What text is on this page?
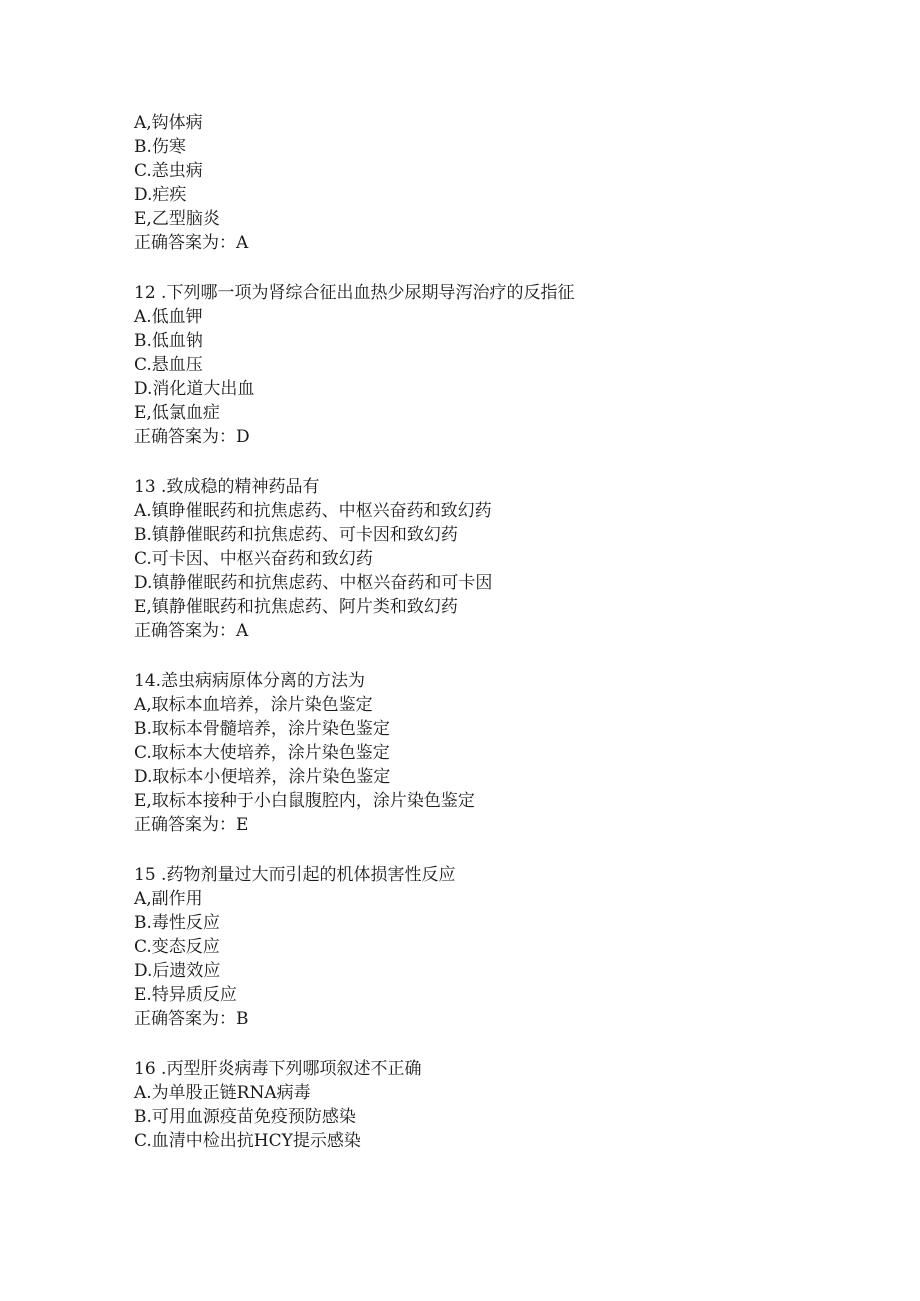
A,钩体病
B.伤寒
C.恙虫病
D.疟疾
E,乙型脑炎
正确答案为：A
12 .下列哪一项为肾综合征出血热少尿期导泻治疗的反指征
A.低血钾
B.低血钠
C.悬血压
D.消化道大出血
E,低氯血症
正确答案为：D
13 .致成稳的精神药品有
A.镇睁催眠药和抗焦虑药、中枢兴奋药和致幻药
B.镇静催眠药和抗焦虑药、可卡因和致幻药
C.可卡因、中枢兴奋药和致幻药
D.镇静催眠药和抗焦虑药、中枢兴奋药和可卡因
E,镇静催眠药和抗焦虑药、阿片类和致幻药
正确答案为：A
14.恙虫病病原体分离的方法为
A,取标本血培养，涂片染色鉴定
B.取标本骨髓培养，涂片染色鉴定
C.取标本大使培养，涂片染色鉴定
D.取标本小便培养，涂片染色鉴定
E,取标本接种于小白鼠腹腔内，涂片染色鉴定
正确答案为：E
15 .药物剂量过大而引起的机体损害性反应
A,副作用
B.毒性反应
C.变态反应
D.后遗效应
E.特异质反应
正确答案为：B
16 .丙型肝炎病毒下列哪项叙述不正确
A.为单股正链RNA病毒
B.可用血源疫苗免疫预防感染
C.血清中检出抗HCY提示感染
